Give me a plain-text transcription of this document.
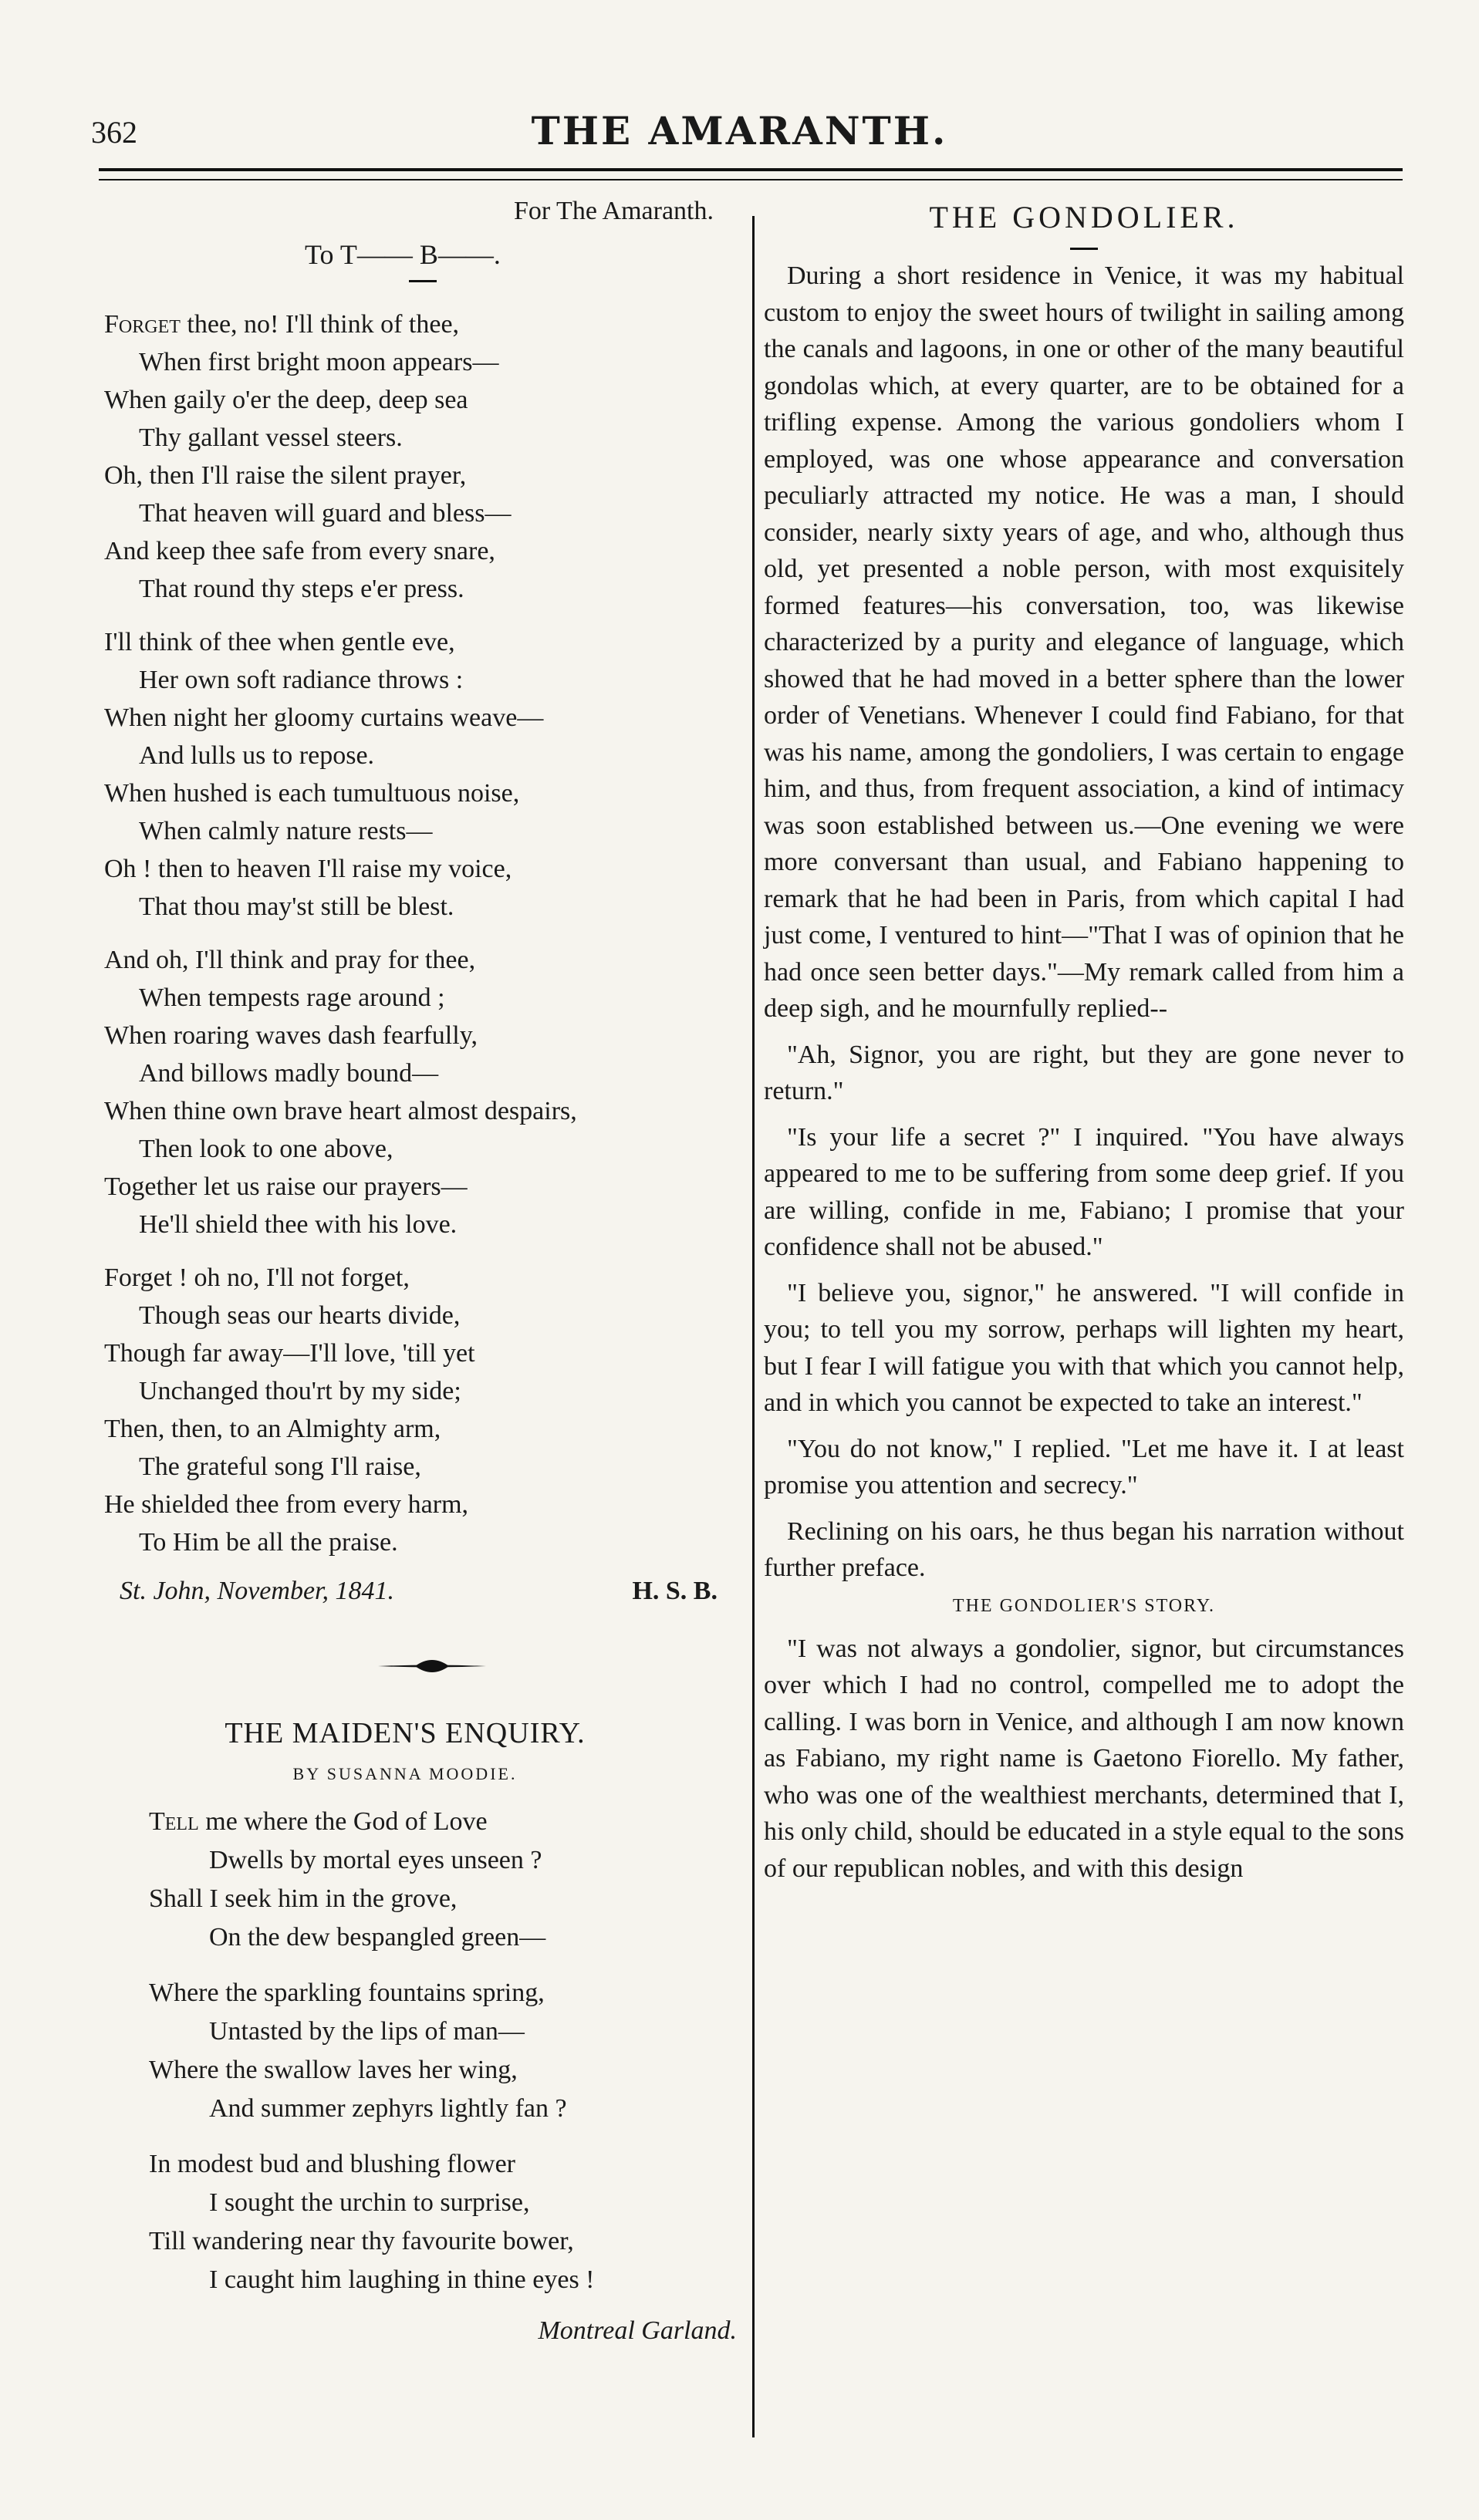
362	THE AMARANTH.
For The Amaranth.
To T—— B——.
Forget thee, no! I'll think of thee,
When first bright moon appears—
When gaily o'er the deep, deep sea
Thy gallant vessel steers.
Oh, then I'll raise the silent prayer,
That heaven will guard and bless—
And keep thee safe from every snare,
That round thy steps e'er press.
I'll think of thee when gentle eve,
Her own soft radiance throws :
When night her gloomy curtains weave—
And lulls us to repose.
When hushed is each tumultuous noise,
When calmly nature rests—
Oh ! then to heaven I'll raise my voice,
That thou may'st still be blest.
And oh, I'll think and pray for thee,
When tempests rage around ;
When roaring waves dash fearfully,
And billows madly bound—
When thine own brave heart almost despairs,
Then look to one above,
Together let us raise our prayers—
He'll shield thee with his love.
Forget ! oh no, I'll not forget,
Though seas our hearts divide,
Though far away—I'll love, 'till yet
Unchanged thou'rt by my side;
Then, then, to an Almighty arm,
The grateful song I'll raise,
He shielded thee from every harm,
To Him be all the praise.
St. John, November, 1841.	H. S. B.
THE MAIDEN'S ENQUIRY.
BY SUSANNA MOODIE.
Tell me where the God of Love
Dwells by mortal eyes unseen ?
Shall I seek him in the grove,
On the dew bespangled green—
Where the sparkling fountains spring,
Untasted by the lips of man—
Where the swallow laves her wing,
And summer zephyrs lightly fan ?
In modest bud and blushing flower
I sought the urchin to surprise,
Till wandering near thy favourite bower,
I caught him laughing in thine eyes !
Montreal Garland.
THE GONDOLIER.

During a short residence in Venice, it was my habitual custom to enjoy the sweet hours of twilight in sailing among the canals and lagoons, in one or other of the many beautiful gondolas which, at every quarter, are to be obtained for a trifling expense. Among the various gondoliers whom I employed, was one whose appearance and conversation peculiarly attracted my notice. He was a man, I should consider, nearly sixty years of age, and who, although thus old, yet presented a noble person, with most exquisitely formed features—his conversation, too, was likewise characterized by a purity and elegance of language, which showed that he had moved in a better sphere than the lower order of Venetians. Whenever I could find Fabiano, for that was his name, among the gondoliers, I was certain to engage him, and thus, from frequent association, a kind of intimacy was soon established between us.—One evening we were more conversant than usual, and Fabiano happening to remark that he had been in Paris, from which capital I had just come, I ventured to hint—"That I was of opinion that he had once seen better days."—My remark called from him a deep sigh, and he mournfully replied--

"Ah, Signor, you are right, but they are gone never to return."

"Is your life a secret ?" I inquired. "You have always appeared to me to be suffering from some deep grief. If you are willing, confide in me, Fabiano; I promise that your confidence shall not be abused."

"I believe you, signor," he answered. "I will confide in you; to tell you my sorrow, perhaps will lighten my heart, but I fear I will fatigue you with that which you cannot help, and in which you cannot be expected to take an interest."

"You do not know," I replied. "Let me have it. I at least promise you attention and secrecy."

Reclining on his oars, he thus began his narration without further preface.

THE GONDOLIER'S STORY.

"I was not always a gondolier, signor, but circumstances over which I had no control, compelled me to adopt the calling. I was born in Venice, and although I am now known as Fabiano, my right name is Gaetono Fiorello. My father, who was one of the wealthiest merchants, determined that I, his only child, should be educated in a style equal to the sons of our republican nobles, and with this design
